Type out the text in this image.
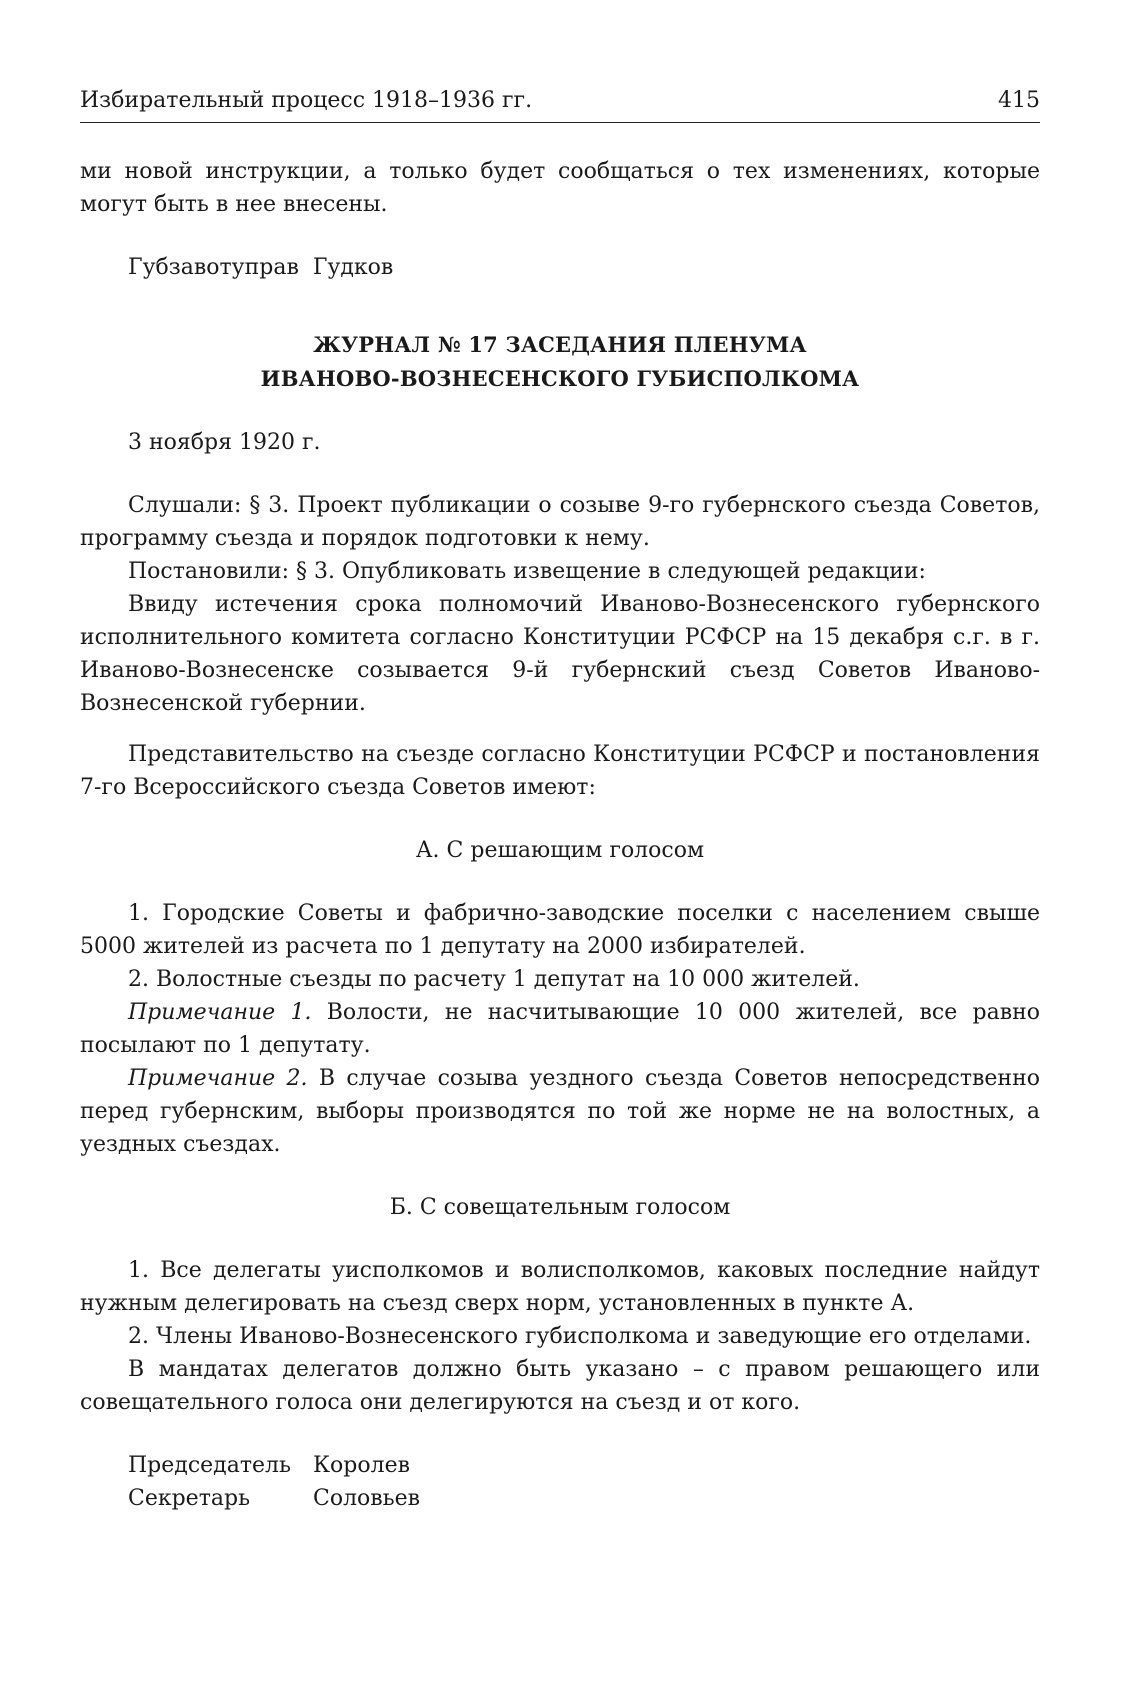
Избирательный процесс 1918–1936 гг.	415

ми новой инструкции, а только будет сообщаться о тех изменениях, которые могут быть в нее внесены.

Губзавотуправ Гудков

ЖУРНАЛ № 17 ЗАСЕДАНИЯ ПЛЕНУМА
ИВАНОВО-ВОЗНЕСЕНСКОГО ГУБИСПОЛКОМА

3 ноября 1920 г.

Слушали: § 3. Проект публикации о созыве 9-го губернского съезда Советов, программу съезда и порядок подготовки к нему.

Постановили: § 3. Опубликовать извещение в следующей редакции:

Ввиду истечения срока полномочий Иваново-Вознесенского губернского исполнительного комитета согласно Конституции РСФСР на 15 декабря с.г. в г. Иваново-Вознесенске созывается 9-й губернский съезд Советов Иваново-Вознесенской губернии.

Представительство на съезде согласно Конституции РСФСР и постановления 7-го Всероссийского съезда Советов имеют:

А. С решающим голосом

1. Городские Советы и фабрично-заводские поселки с населением свыше 5000 жителей из расчета по 1 депутату на 2000 избирателей.

2. Волостные съезды по расчету 1 депутат на 10 000 жителей.

Примечание 1. Волости, не насчитывающие 10 000 жителей, все равно посылают по 1 депутату.

Примечание 2. В случае созыва уездного съезда Советов непосредственно перед губернским, выборы производятся по той же норме не на волостных, а уездных съездах.

Б. С совещательным голосом

1. Все делегаты уисполкомов и волисполкомов, каковых последние найдут нужным делегировать на съезд сверх норм, установленных в пункте А.

2. Члены Иваново-Вознесенского губисполкома и заведующие его отделами.

В мандатах делегатов должно быть указано – с правом решающего или совещательного голоса они делегируются на съезд и от кого.

Председатель	Королев
Секретарь	Соловьев
